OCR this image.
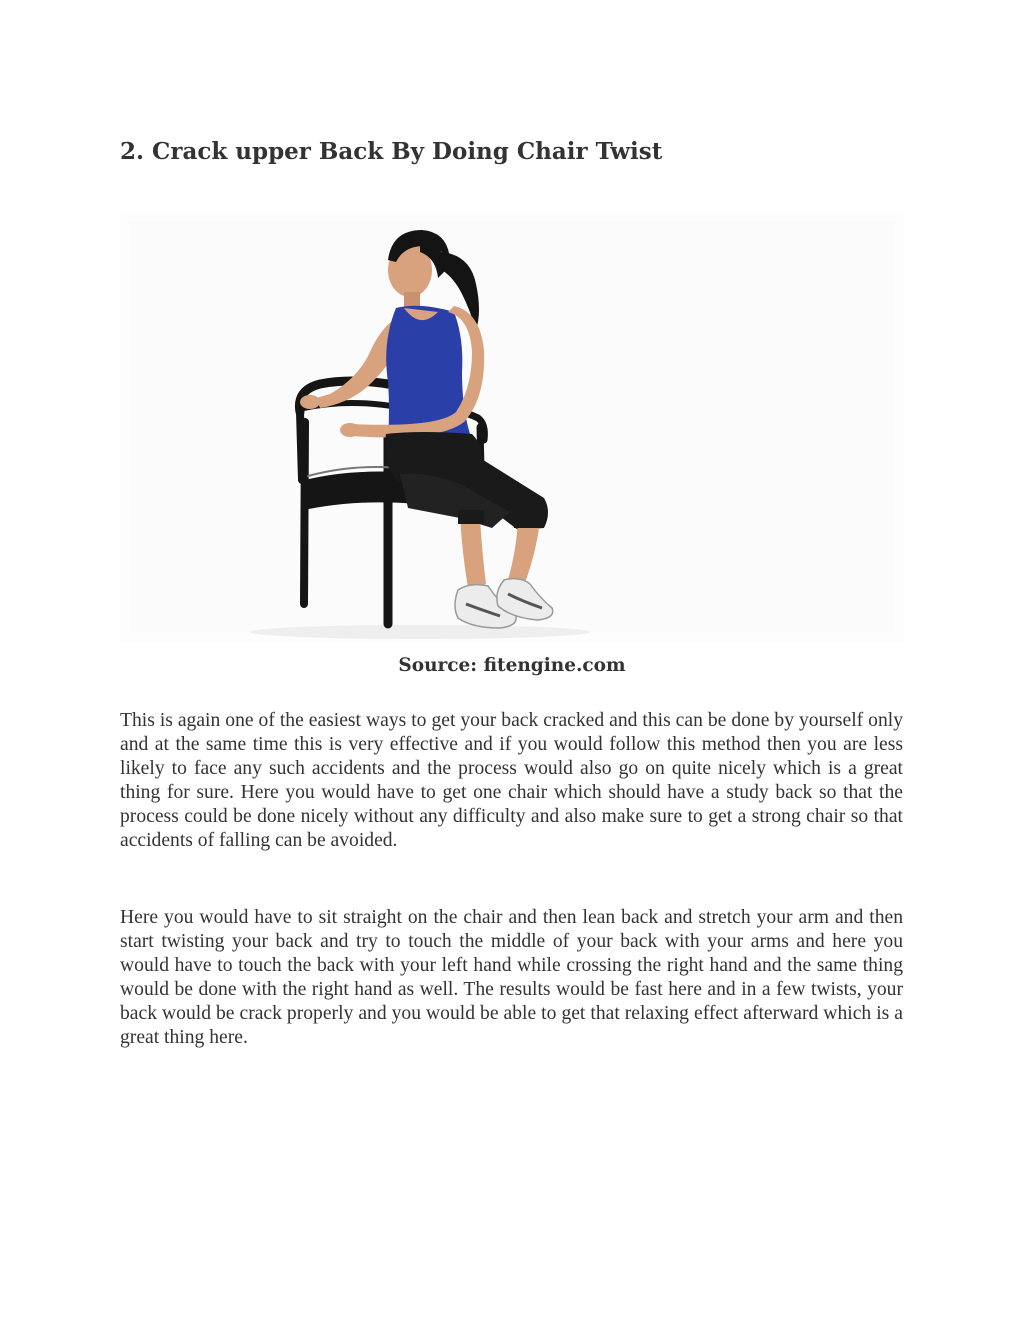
2. Crack upper Back By Doing Chair Twist
Source: fitengine.com

This is again one of the easiest ways to get your back cracked and this can be done by yourself only and at the same time this is very effective and if you would follow this method then you are less likely to face any such accidents and the process would also go on quite nicely which is a great thing for sure. Here you would have to get one chair which should have a study back so that the process could be done nicely without any difficulty and also make sure to get a strong chair so that accidents of falling can be avoided.

Here you would have to sit straight on the chair and then lean back and stretch your arm and then start twisting your back and try to touch the middle of your back with your arms and here you would have to touch the back with your left hand while crossing the right hand and the same thing would be done with the right hand as well. The results would be fast here and in a few twists, your back would be crack properly and you would be able to get that relaxing effect afterward which is a great thing here.
